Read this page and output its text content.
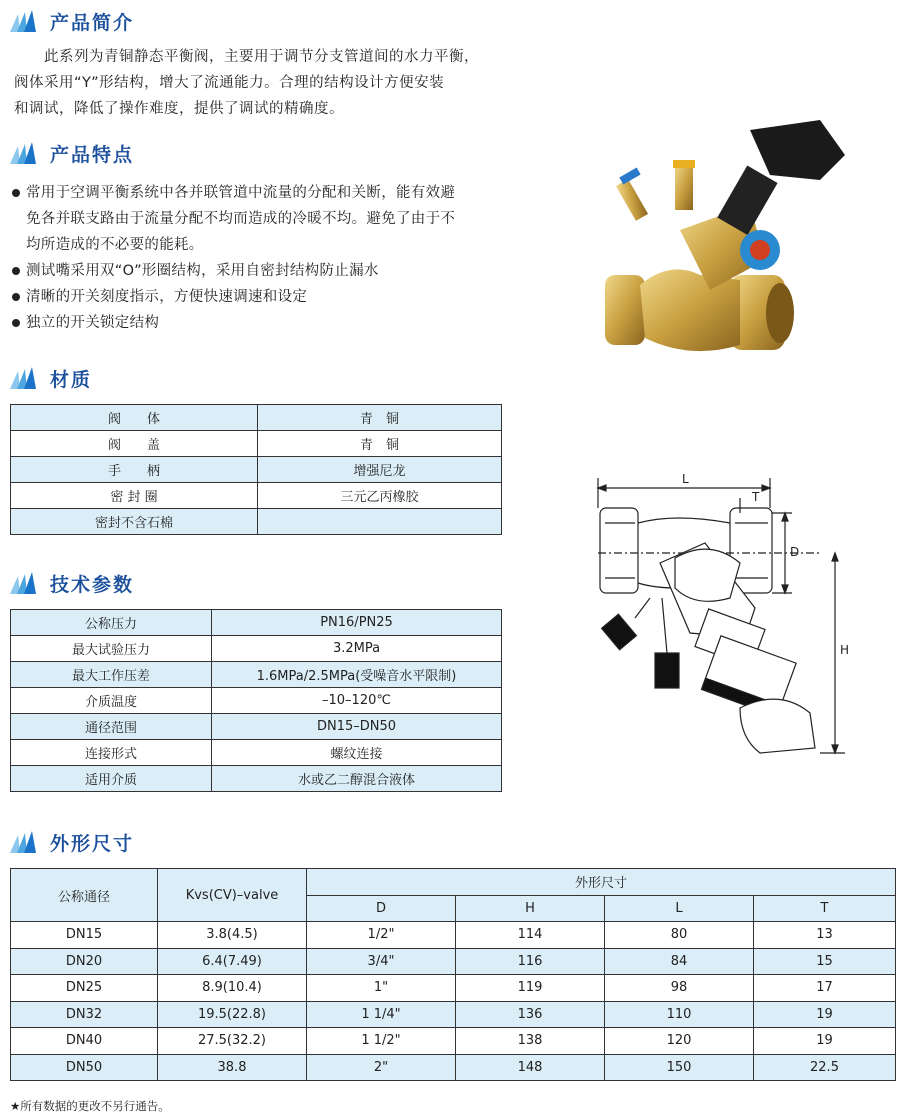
产品简介
此系列为青铜静态平衡阀，主要用于调节分支管道间的水力平衡，
阀体采用“Y”形结构，增大了流通能力。合理的结构设计方便安装
和调试，降低了操作难度，提供了调试的精确度。
产品特点
常用于空调平衡系统中各并联管道中流量的分配和关断，能有效避
免各并联支路由于流量分配不均而造成的冷暖不均。避免了由于不
均所造成的不必要的能耗。
测试嘴采用双“O”形圈结构，采用自密封结构防止漏水
清晰的开关刻度指示，方便快速调速和设定
独立的开关锁定结构
材质
阀　　体	青　铜
阀　　盖	青　铜
手　　柄	增强尼龙
密 封 圈	三元乙丙橡胶
密封不含石棉	
技术参数
公称压力	PN16/PN25
最大试验压力	3.2MPa
最大工作压差	1.6MPa/2.5MPa(受噪音水平限制)
介质温度	–10–120℃
通径范围	DN15–DN50
连接形式	螺纹连接
适用介质	水或乙二醇混合液体
L
T
D
H
外形尺寸
公称通径	Kvs(CV)–valve	外形尺寸			
		D	H	L	T
DN15	3.8(4.5)	1/2"	114	80	13
DN20	6.4(7.49)	3/4"	116	84	15
DN25	8.9(10.4)	1"	119	98	17
DN32	19.5(22.8)	1 1/4"	136	110	19
DN40	27.5(32.2)	1 1/2"	138	120	19
DN50	38.8	2"	148	150	22.5
★所有数据的更改不另行通告。
